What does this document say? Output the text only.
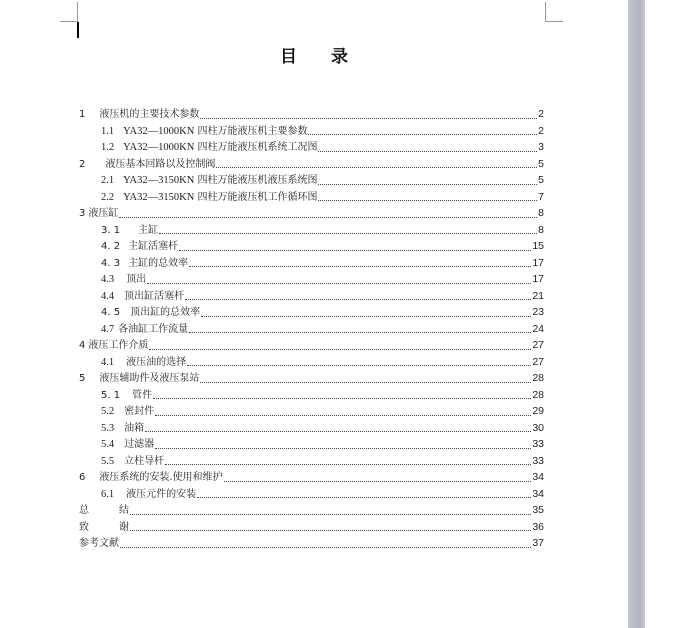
目 录
1 液压机的主要技术参数	2
1.1 YA32—1000KN 四柱万能液压机主要参数	2
1.2 YA32—1000KN 四柱万能液压机系统工况图	3
2 液压基本回路以及控制阀	5
2.1 YA32—3150KN 四柱万能液压机液压系统图	5
2.2 YA32—3150KN 四柱万能液压机工作循环图	7
3 液压缸	8
3. 1 主缸	8
4. 2 主缸活塞杆	15
4. 3 主缸的总效率	17
4.3 顶出	17
4.4 顶出缸活塞杆	21
4. 5 顶出缸的总效率	23
4.7 各油缸工作流量	24
4 液压工作介质	27
4.1 液压油的选择	27
5 液压辅助件及液压泵站	28
5. 1 管件	28
5.2 密封件	29
5.3 油箱	30
5.4 过滤器	33
5.5 立柱导杆	33
6 液压系统的安装.使用和维护	34
6.1 液压元件的安装	34
总	结	35
致	谢	36
参考文献	37
